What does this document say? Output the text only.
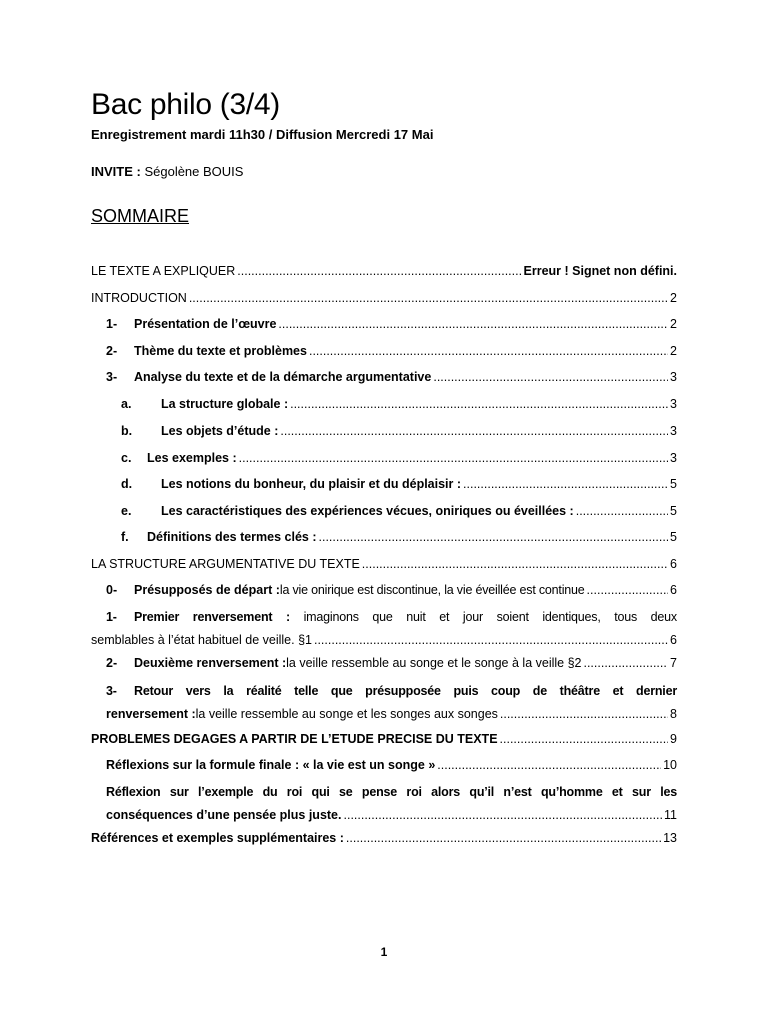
Bac philo (3/4)
Enregistrement mardi 11h30 / Diffusion Mercredi 17 Mai
INVITE : Ségolène BOUIS
SOMMAIRE
LE TEXTE A EXPLIQUER .....	Erreur ! Signet non défini.
INTRODUCTION .....	2
1-	Présentation de l’œuvre .....	2
2-	Thème du texte et problèmes .....	2
3-	Analyse du texte et de la démarche argumentative .....	3
a.	La structure globale : .....	3
b.	Les objets d’étude : .....	3
c.	Les exemples : .....	3
d.	Les notions du bonheur, du plaisir et du déplaisir : .....	5
e.	Les caractéristiques des expériences vécues, oniriques ou éveillées : .....	5
f.	Définitions des termes clés : .....	5
LA STRUCTURE ARGUMENTATIVE DU TEXTE .....	6
0-	Présupposés de départ : la vie onirique est discontinue, la vie éveillée est continue .....	6
1- Premier renversement : imaginons que nuit et jour soient identiques, tous deux
semblables à l’état habituel de veille. §1 .....	6
2-	Deuxième renversement : la veille ressemble au songe et le songe à la veille §2 .....	7
3- Retour vers la réalité telle que présupposée puis coup de théâtre et dernier
renversement : la veille ressemble au songe et les songes aux songes .....	8
PROBLEMES DEGAGES A PARTIR DE L’ETUDE PRECISE DU TEXTE .....	9
Réflexions sur la formule finale : « la vie est un songe » .....	10
Réflexion sur l’exemple du roi qui se pense roi alors qu’il n’est qu’homme et sur les
conséquences d’une pensée plus juste. .....	11
Références et exemples supplémentaires : .....	13
1
